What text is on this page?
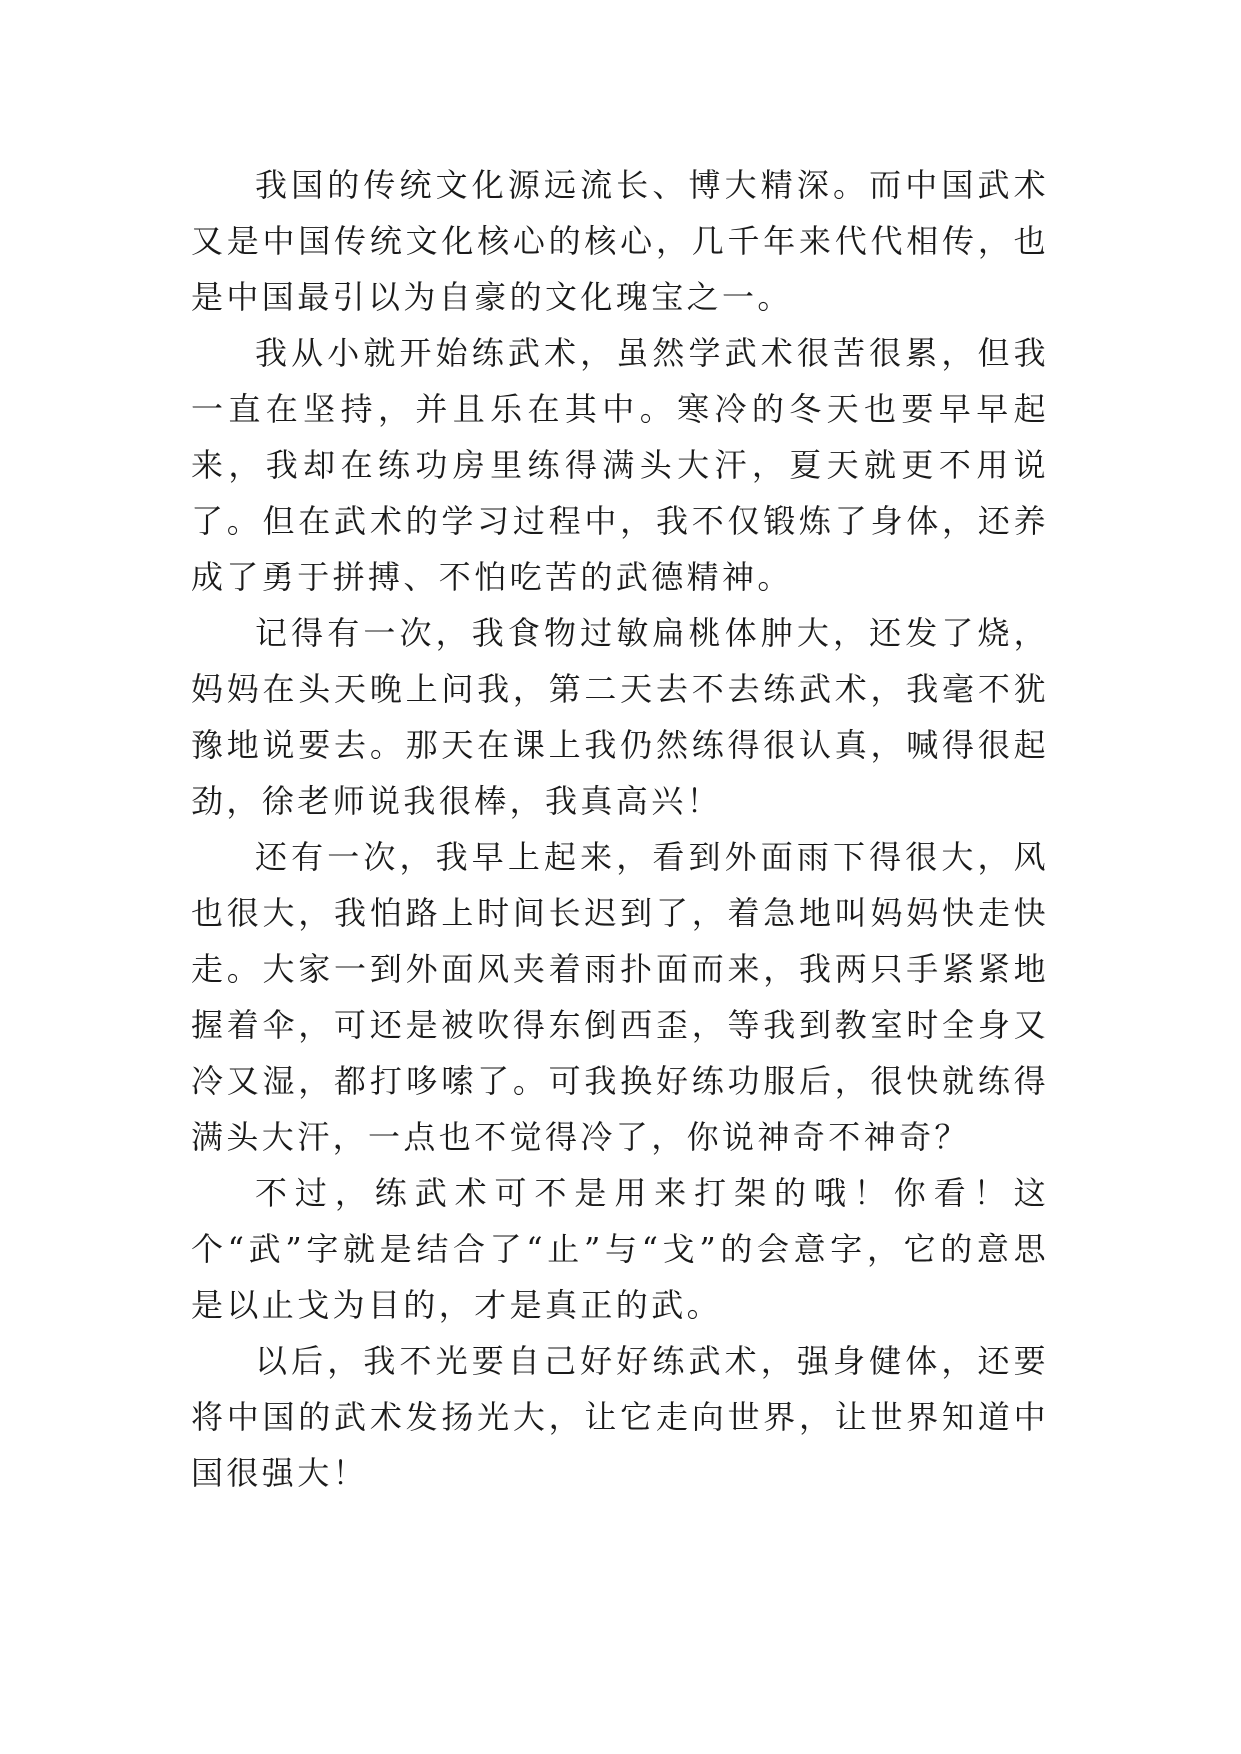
我国的传统文化源远流长、博大精深。而中国武术又是中国传统文化核心的核心，几千年来代代相传，也是中国最引以为自豪的文化瑰宝之一。

我从小就开始练武术，虽然学武术很苦很累，但我一直在坚持，并且乐在其中。寒冷的冬天也要早早起来，我却在练功房里练得满头大汗，夏天就更不用说了。但在武术的学习过程中，我不仅锻炼了身体，还养成了勇于拼搏、不怕吃苦的武德精神。

记得有一次，我食物过敏扁桃体肿大，还发了烧，妈妈在头天晚上问我，第二天去不去练武术，我毫不犹豫地说要去。那天在课上我仍然练得很认真，喊得很起劲，徐老师说我很棒，我真高兴！

还有一次，我早上起来，看到外面雨下得很大，风也很大，我怕路上时间长迟到了，着急地叫妈妈快走快走。大家一到外面风夹着雨扑面而来，我两只手紧紧地握着伞，可还是被吹得东倒西歪，等我到教室时全身又冷又湿，都打哆嗦了。可我换好练功服后，很快就练得满头大汗，一点也不觉得冷了，你说神奇不神奇？

不过，练武术可不是用来打架的哦！你看！这个“武”字就是结合了“止”与“戈”的会意字，它的意思是以止戈为目的，才是真正的武。

以后，我不光要自己好好练武术，强身健体，还要将中国的武术发扬光大，让它走向世界，让世界知道中国很强大！
